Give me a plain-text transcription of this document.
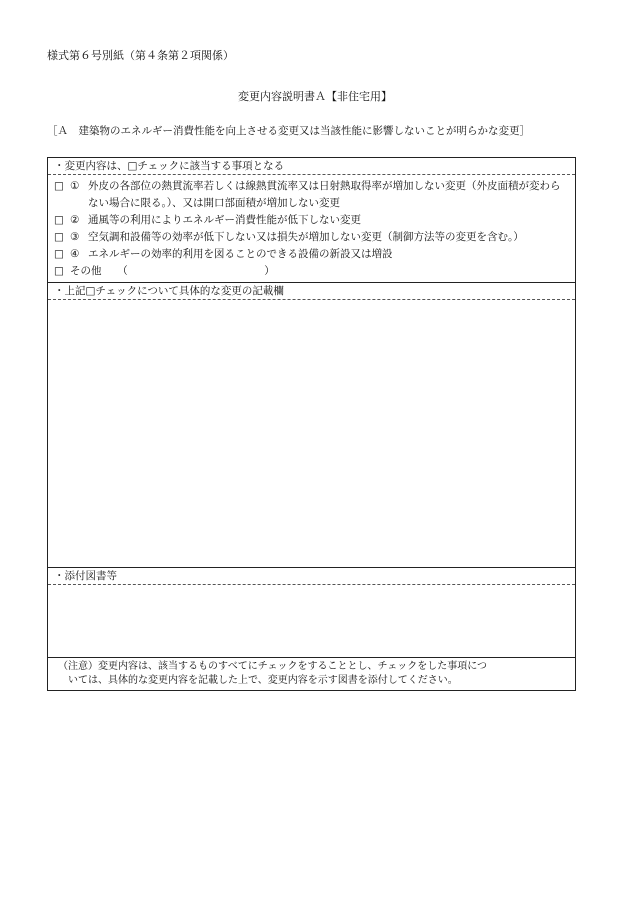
様式第６号別紙（第４条第２項関係）
変更内容説明書Ａ【非住宅用】
［Ａ　建築物のエネルギー消費性能を向上させる変更又は当該性能に影響しないことが明らかな変更］
・変更内容は、□チェックに該当する事項となる
□ ① 外皮の各部位の熱貫流率若しくは線熱貫流率又は日射熱取得率が増加しない変更（外皮面積が変わらない場合に限る。）、又は開口部面積が増加しない変更
□ ② 通風等の利用によりエネルギー消費性能が低下しない変更
□ ③ 空気調和設備等の効率が低下しない又は損失が増加しない変更（制御方法等の変更を含む。）
□ ④ エネルギーの効率的利用を図ることのできる設備の新設又は増設
□ その他　　（　　　　　　　　　　　　　）

・上記□チェックについて具体的な変更の記載欄

・添付図書等

（注意）変更内容は、該当するものすべてにチェックをすることとし、チェックをした事項につ
いては、具体的な変更内容を記載した上で、変更内容を示す図書を添付してください。
